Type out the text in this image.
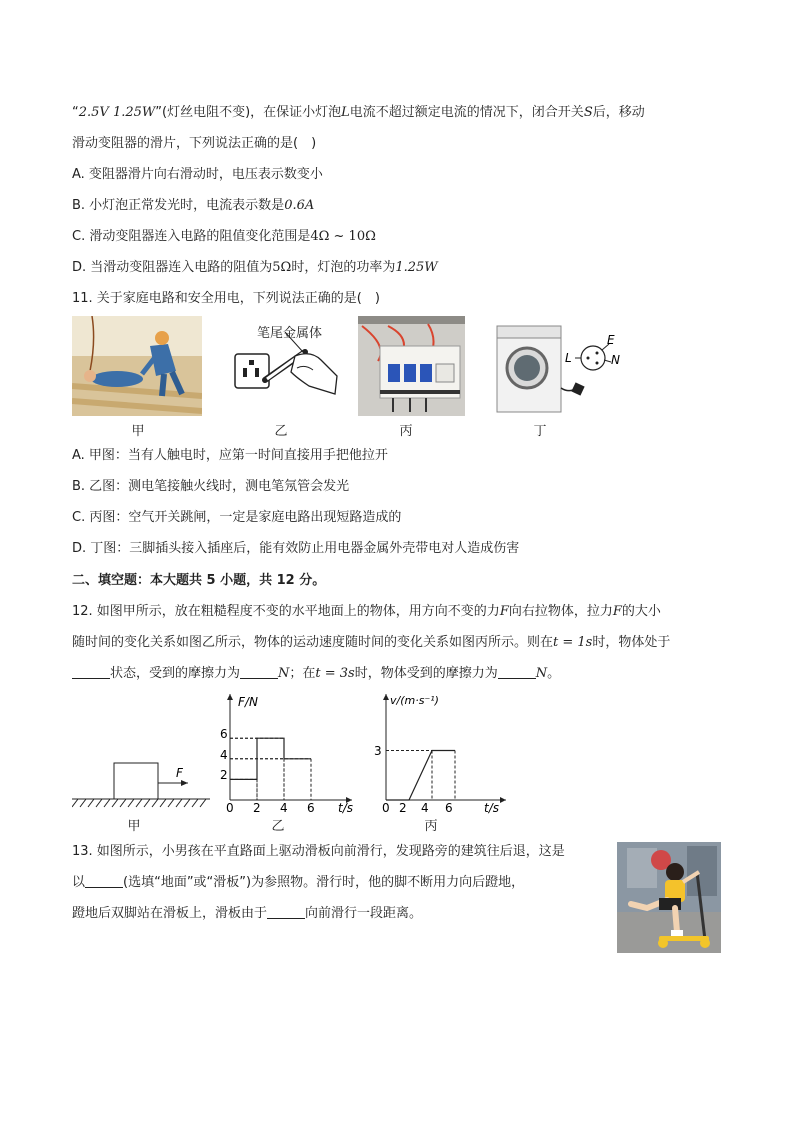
“2.5V 1.25W”(灯丝电阻不变)，在保证小灯泡L电流不超过额定电流的情况下，闭合开关S后，移动
滑动变阻器的滑片，下列说法正确的是(　)
A. 变阻器滑片向右滑动时，电压表示数变小
B. 小灯泡正常发光时，电流表示数是0.6A
C. 滑动变阻器连入电路的阻值变化范围是4Ω ~ 10Ω
D. 当滑动变阻器连入电路的阻值为5Ω时，灯泡的功率为1.25W
11. 关于家庭电路和安全用电，下列说法正确的是(　)
笔尾金属体
L
E
N
甲	乙	丙	丁
A. 甲图：当有人触电时，应第一时间直接用手把他拉开
B. 乙图：测电笔接触火线时，测电笔氖管会发光
C. 丙图：空气开关跳闸，一定是家庭电路出现短路造成的
D. 丁图：三脚插头接入插座后，能有效防止用电器金属外壳带电对人造成伤害
二、填空题：本大题共 5 小题，共 12 分。
12. 如图甲所示，放在粗糙程度不变的水平地面上的物体，用方向不变的力F向右拉物体，拉力F的大小
随时间的变化关系如图乙所示，物体的运动速度随时间的变化关系如图丙所示。则在t = 1s时，物体处于
状态，受到的摩擦力为	N；在t = 3s时，物体受到的摩擦力为	N。
F
F/N
t/s
6
4
2
0 2 4 6
v/(m·s⁻¹)
t/s
3
0 2 4 6
甲	乙	丙
13. 如图所示，小男孩在平直路面上驱动滑板向前滑行，发现路旁的建筑往后退，这是
以	(选填“地面”或“滑板”)为参照物。滑行时，他的脚不断用力向后蹬地，
蹬地后双脚站在滑板上，滑板由于	向前滑行一段距离。
